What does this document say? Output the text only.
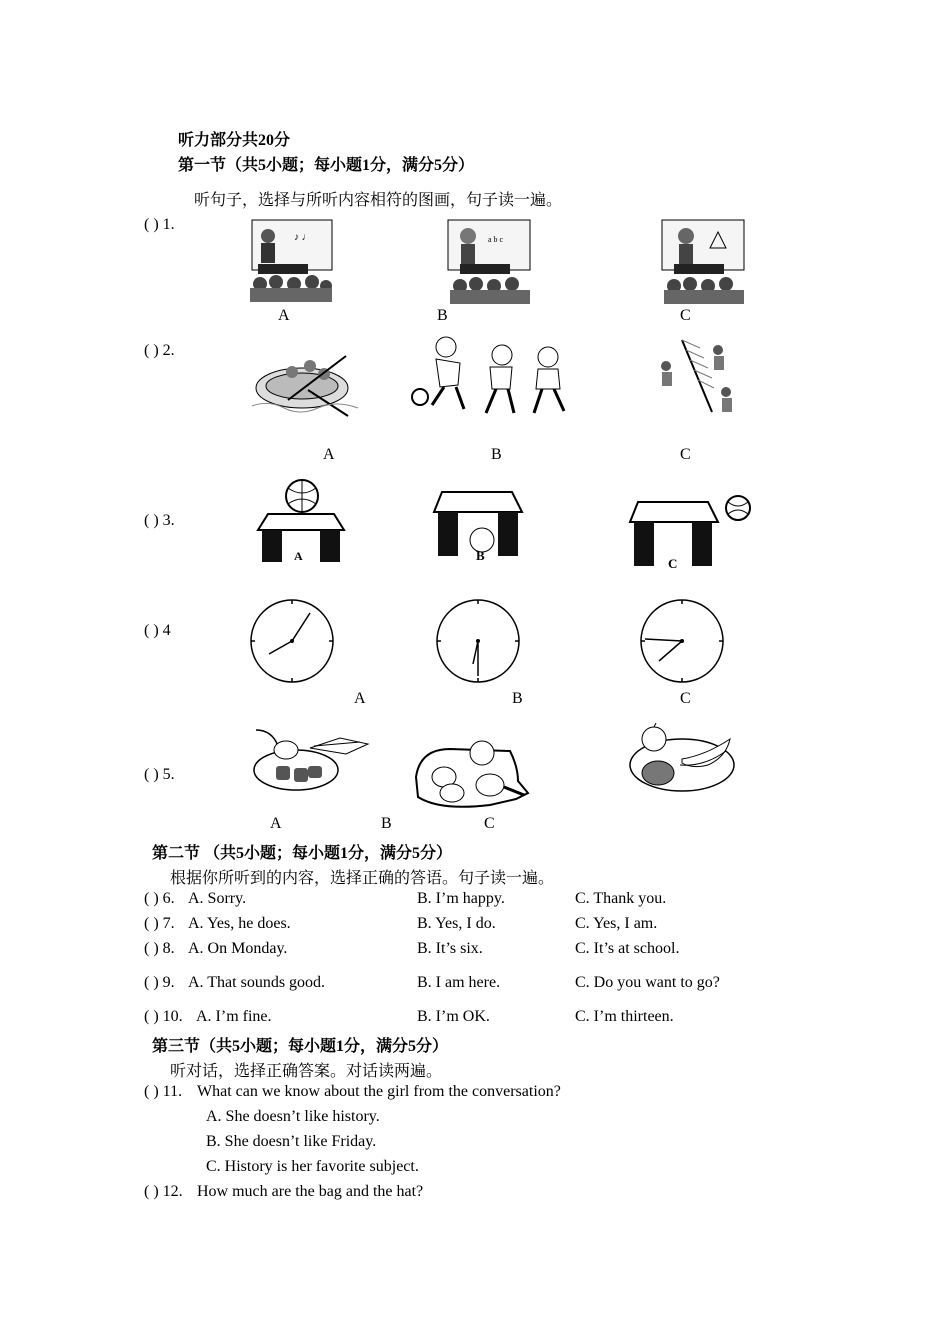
听力部分共20分
第一节（共5小题；每小题1分，满分5分）
听句子，选择与所听内容相符的图画，句子读一遍。
( ) 1.
♪ ♩	a b c
A	B	C
( ) 2.
A	B	C
( ) 3.
A	B
C
( ) 4
A	B	C
( ) 5.
A	B	C
第二节 （共5小题；每小题1分，满分5分）
根据你所听到的内容，选择正确的答语。句子读一遍。
( ) 6. A. Sorry.	B. I’m happy.	C. Thank you.
( ) 7. A. Yes, he does.	B. Yes, I do.	C. Yes, I am.
( ) 8. A. On Monday.	B. It’s six.	C. It’s at school.
( ) 9. A. That sounds good.	B. I am here.	C. Do you want to go?
( ) 10. A. I’m fine.	B. I’m OK.	C. I’m thirteen.
第三节（共5小题；每小题1分，满分5分）
听对话，选择正确答案。对话读两遍。
( ) 11. What can we know about the girl from the conversation?
A. She doesn’t like history.
B. She doesn’t like Friday.
C. History is her favorite subject.
( ) 12. How much are the bag and the hat?
